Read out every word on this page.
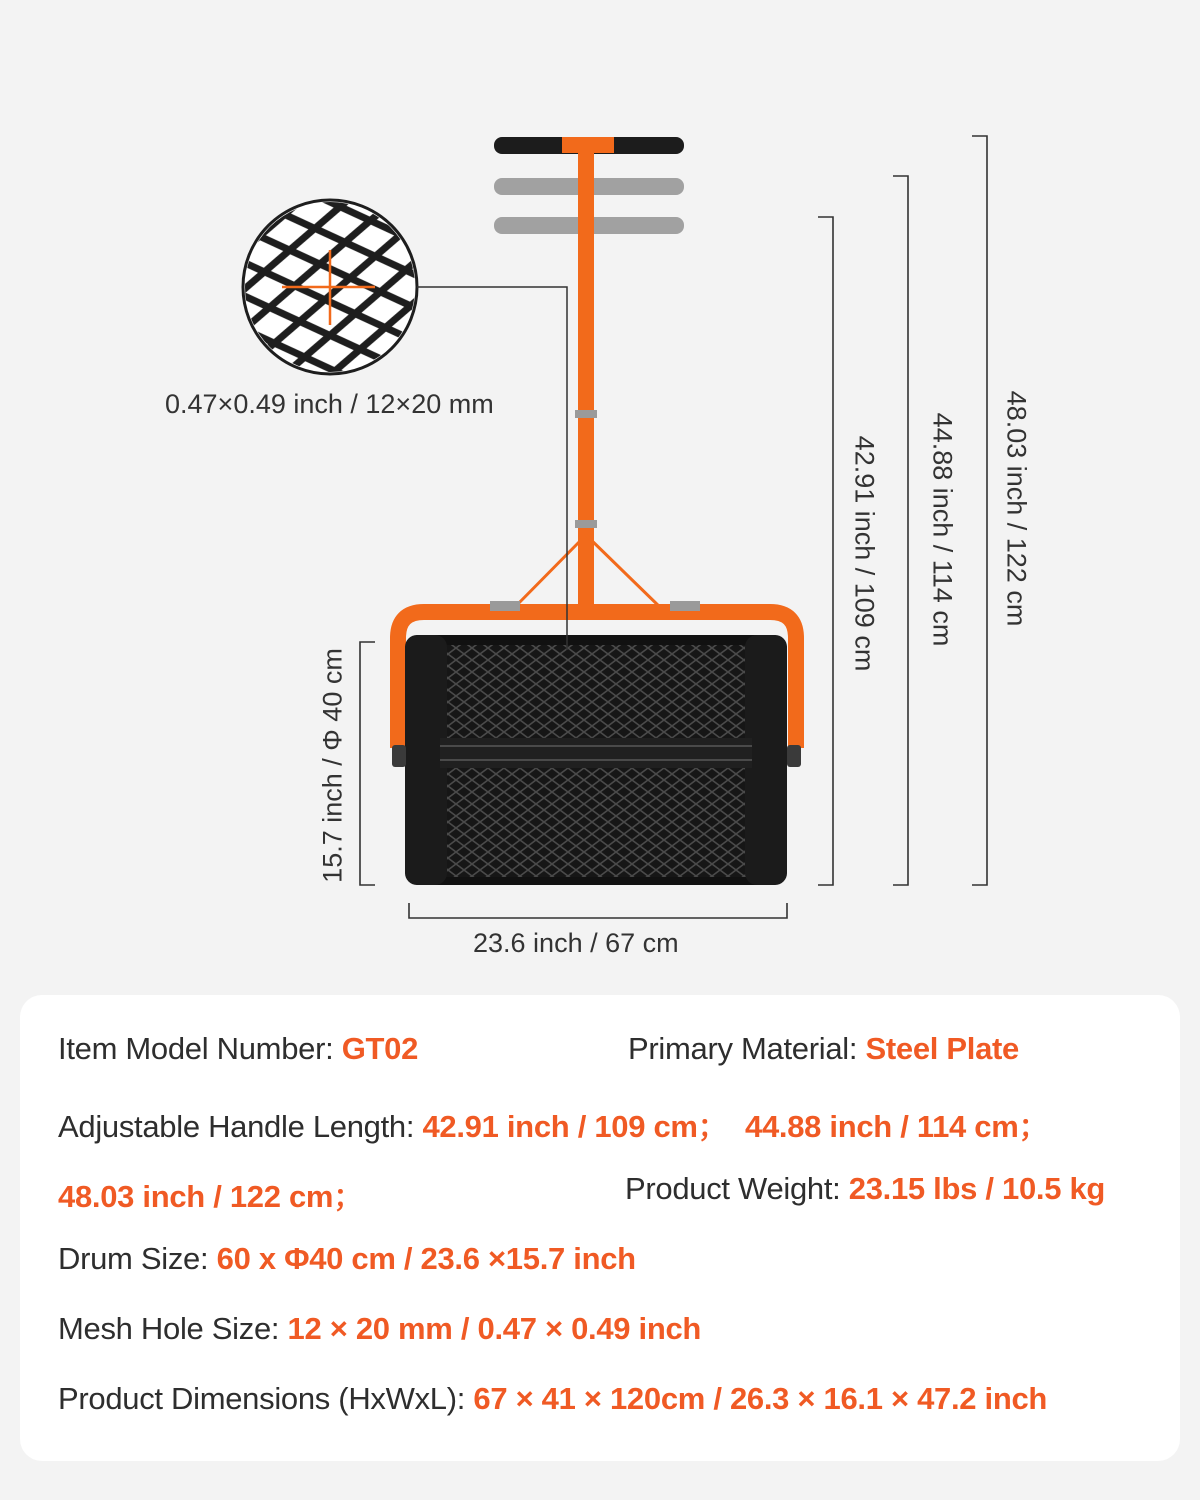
0.47×0.49 inch / 12×20 mm
23.6 inch / 67 cm
15.7 inch / Φ 40 cm
42.91 inch / 109 cm 44.88 inch / 114 cm 48.03 inch / 122 cm
Item Model Number: GT02	Primary Material: Steel Plate
Adjustable Handle Length: 42.91 inch / 109 cm； 44.88 inch / 114 cm；
48.03 inch / 122 cm；	Product Weight: 23.15 lbs / 10.5 kg
Drum Size: 60 x Φ40 cm / 23.6 ×15.7 inch
Mesh Hole Size: 12 × 20 mm / 0.47 × 0.49 inch
Product Dimensions (HxWxL): 67 × 41 × 120cm / 26.3 × 16.1 × 47.2 inch
